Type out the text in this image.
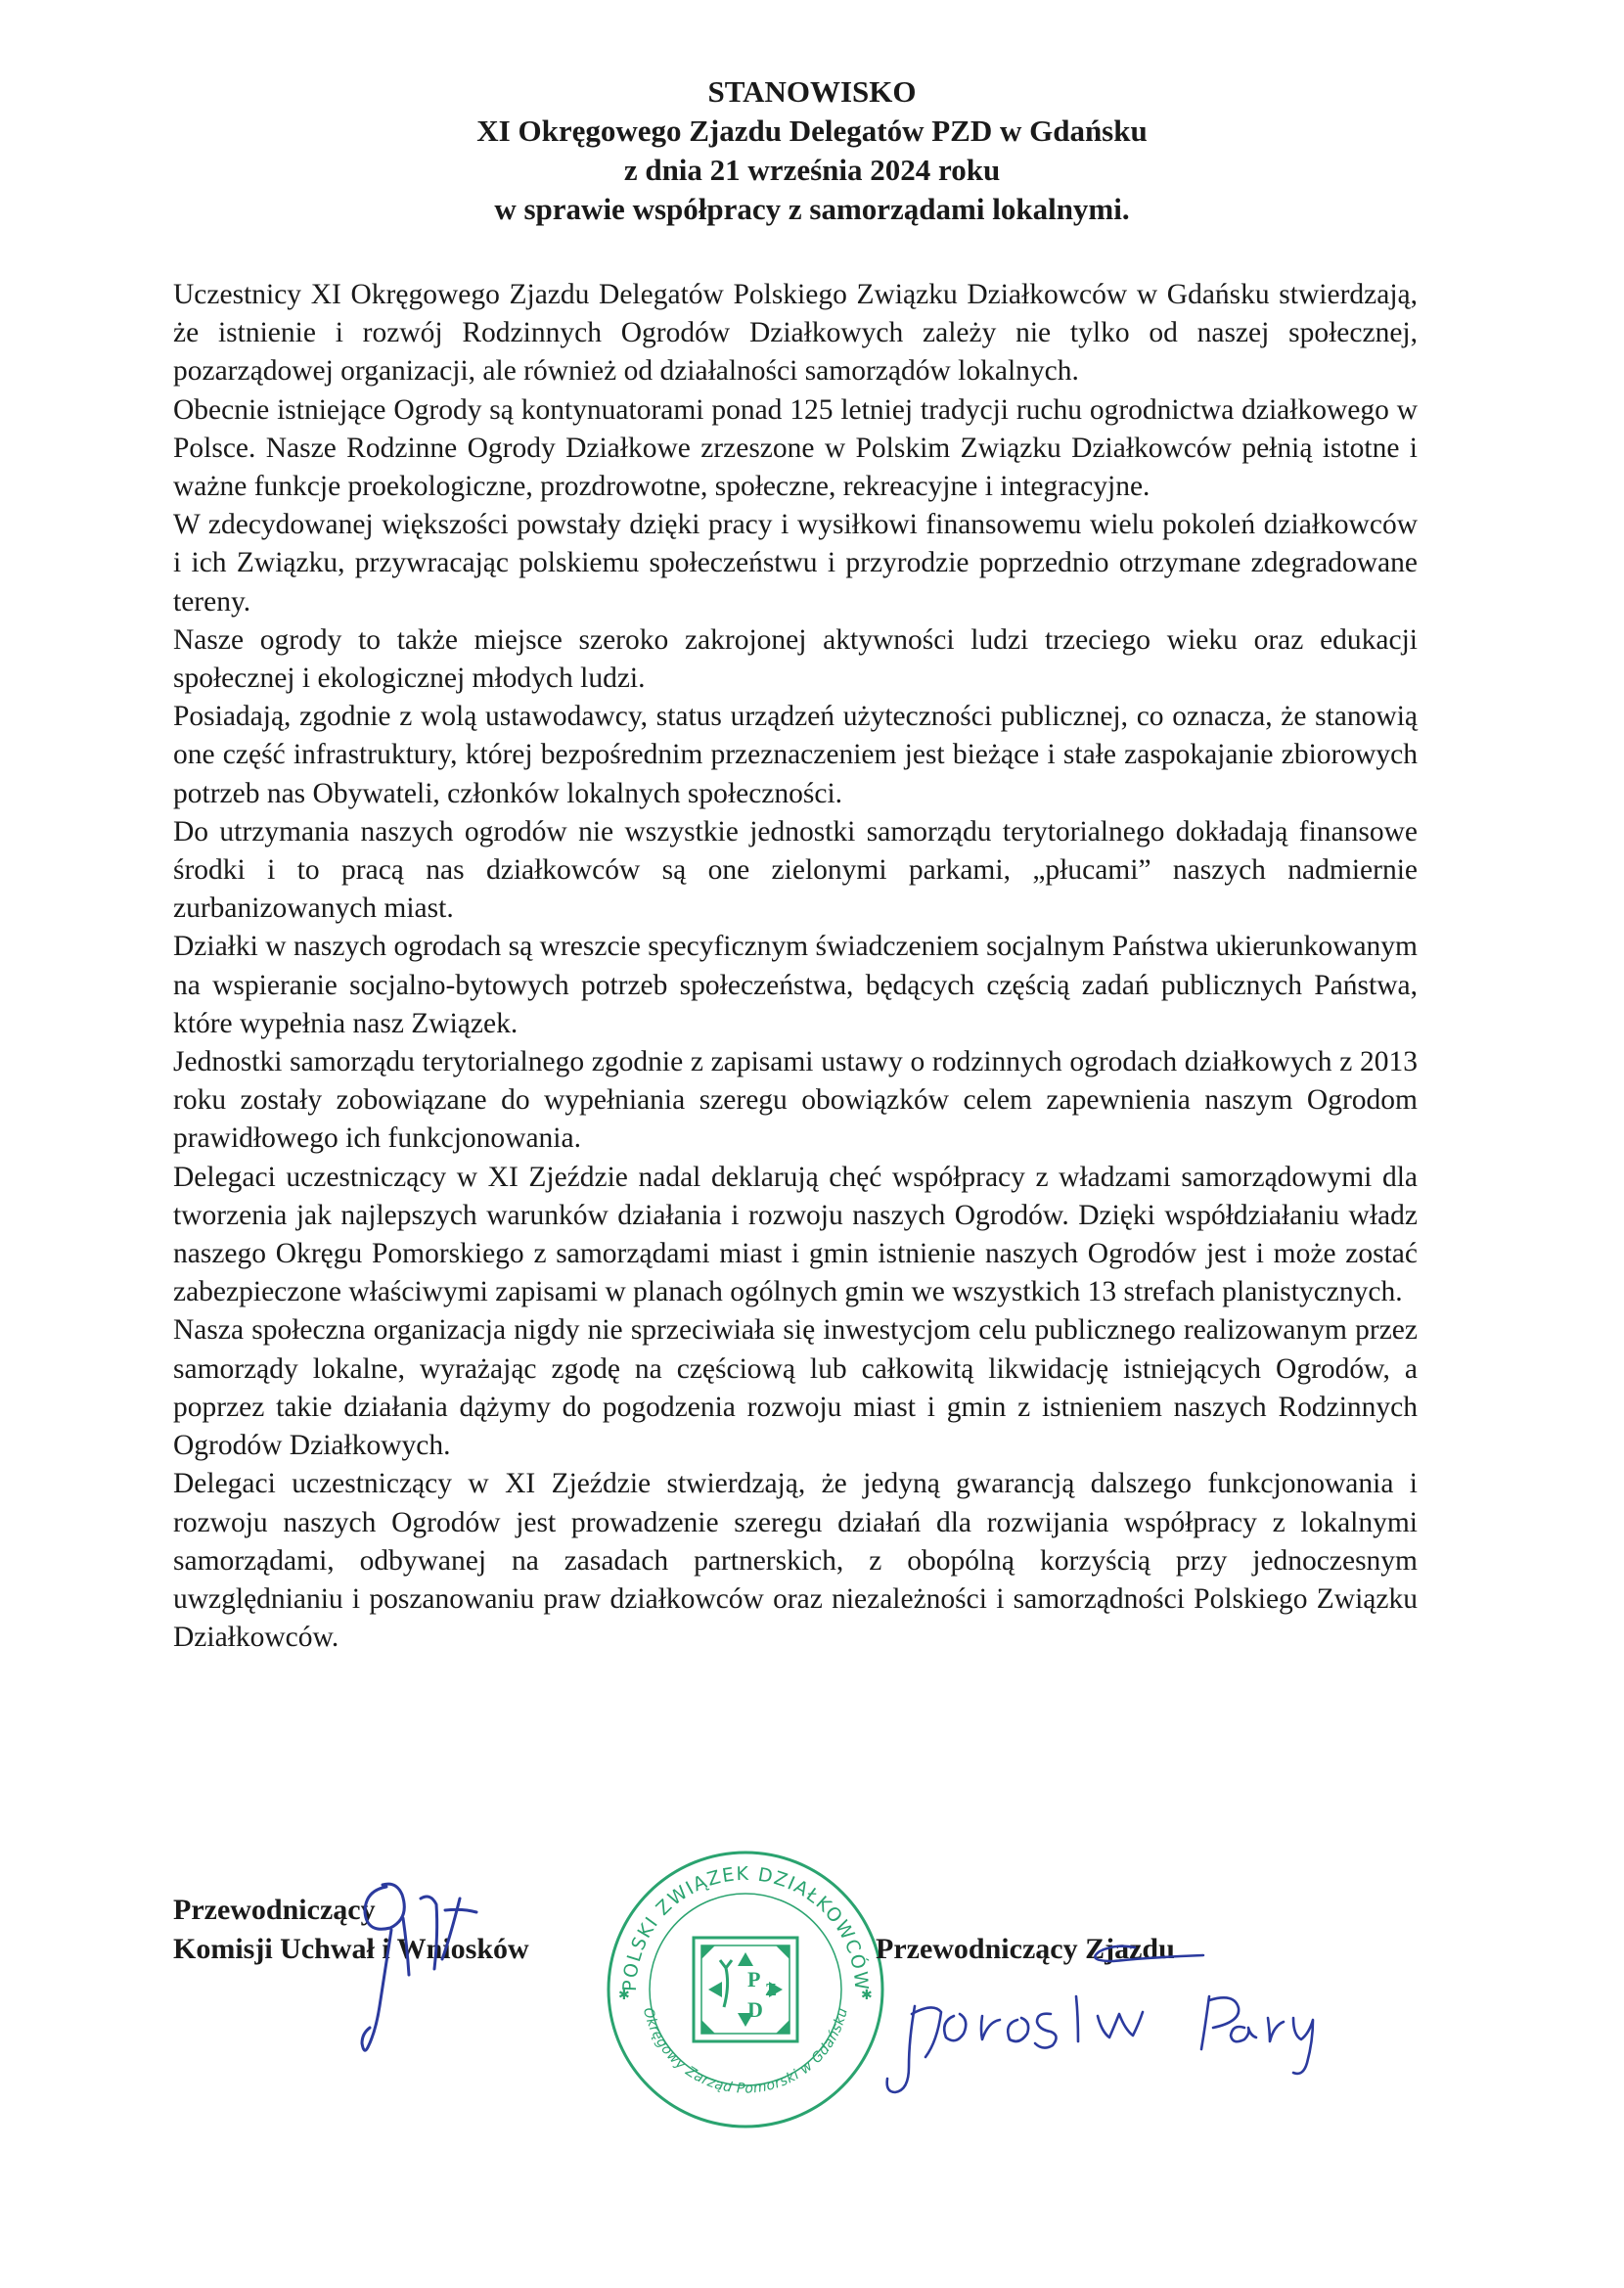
STANOWISKO
XI Okręgowego Zjazdu Delegatów PZD w Gdańsku
z dnia 21 września 2024 roku
w sprawie współpracy z samorządami lokalnymi.

Uczestnicy XI Okręgowego Zjazdu Delegatów Polskiego Związku Działkowców w Gdańsku stwierdzają, że istnienie i rozwój Rodzinnych Ogrodów Działkowych zależy nie tylko od naszej społecznej, pozarządowej organizacji, ale również od działalności samorządów lokalnych.

Obecnie istniejące Ogrody są kontynuatorami ponad 125 letniej tradycji ruchu ogrodnictwa działkowego w Polsce. Nasze Rodzinne Ogrody Działkowe zrzeszone w Polskim Związku Działkowców pełnią istotne i ważne funkcje proekologiczne, prozdrowotne, społeczne, rekreacyjne i integracyjne.

W zdecydowanej większości powstały dzięki pracy i wysiłkowi finansowemu wielu pokoleń działkowców i ich Związku, przywracając polskiemu społeczeństwu i przyrodzie poprzednio otrzymane zdegradowane tereny.

Nasze ogrody to także miejsce szeroko zakrojonej aktywności ludzi trzeciego wieku oraz edukacji społecznej i ekologicznej młodych ludzi.

Posiadają, zgodnie z wolą ustawodawcy, status urządzeń użyteczności publicznej, co oznacza, że stanowią one część infrastruktury, której bezpośrednim przeznaczeniem jest bieżące i stałe zaspokajanie zbiorowych potrzeb nas Obywateli, członków lokalnych społeczności.

Do utrzymania naszych ogrodów nie wszystkie jednostki samorządu terytorialnego dokładają finansowe środki i to pracą nas działkowców są one zielonymi parkami, „płucami” naszych nadmiernie zurbanizowanych miast.

Działki w naszych ogrodach są wreszcie specyficznym świadczeniem socjalnym Państwa ukierunkowanym na wspieranie socjalno-bytowych potrzeb społeczeństwa, będących częścią zadań publicznych Państwa, które wypełnia nasz Związek.

Jednostki samorządu terytorialnego zgodnie z zapisami ustawy o rodzinnych ogrodach działkowych z 2013 roku zostały zobowiązane do wypełniania szeregu obowiązków celem zapewnienia naszym Ogrodom prawidłowego ich funkcjonowania.

Delegaci uczestniczący w XI Zjeździe nadal deklarują chęć współpracy z władzami samorządowymi dla tworzenia jak najlepszych warunków działania i rozwoju naszych Ogrodów. Dzięki współdziałaniu władz naszego Okręgu Pomorskiego z samorządami miast i gmin istnienie naszych Ogrodów jest i może zostać zabezpieczone właściwymi zapisami w planach ogólnych gmin we wszystkich 13 strefach planistycznych.

Nasza społeczna organizacja nigdy nie sprzeciwiała się inwestycjom celu publicznego realizowanym przez samorządy lokalne, wyrażając zgodę na częściową lub całkowitą likwidację istniejących Ogrodów, a poprzez takie działania dążymy do pogodzenia rozwoju miast i gmin z istnieniem naszych Rodzinnych Ogrodów Działkowych.

Delegaci uczestniczący w XI Zjeździe stwierdzają, że jedyną gwarancją dalszego funkcjonowania i rozwoju naszych Ogrodów jest prowadzenie szeregu działań dla rozwijania współpracy z lokalnymi samorządami, odbywanej na zasadach partnerskich, z obopólną korzyścią przy jednoczesnym uwzględnianiu i poszanowaniu praw działkowców oraz niezależności i samorządności Polskiego Związku Działkowców.

POLSKI ZWIĄZEK DZIAŁKOWCÓW
Okręgowy Zarząd Pomorski w Gdańsku
P Z
D
✱	✱
Przewodniczący
Komisji Uchwał i Wniosków	Przewodniczący Zjazdu
